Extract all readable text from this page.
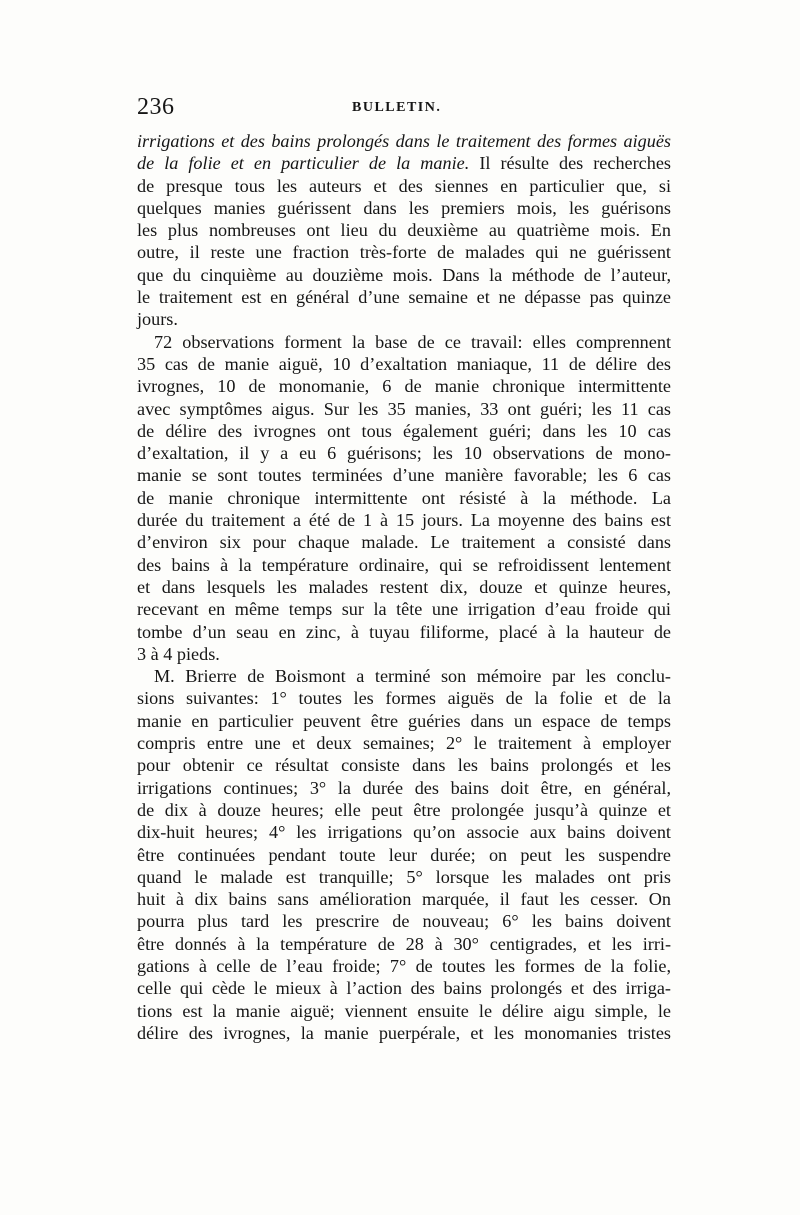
236	BULLETIN.
irrigations et des bains prolongés dans le traitement des formes aiguës
de la folie et en particulier de la manie. Il résulte des recherches
de presque tous les auteurs et des siennes en particulier que, si
quelques manies guérissent dans les premiers mois, les guérisons
les plus nombreuses ont lieu du deuxième au quatrième mois. En
outre, il reste une fraction très-forte de malades qui ne guérissent
que du cinquième au douzième mois. Dans la méthode de l’auteur,
le traitement est en général d’une semaine et ne dépasse pas quinze
jours.
72 observations forment la base de ce travail: elles comprennent
35 cas de manie aiguë, 10 d’exaltation maniaque, 11 de délire des
ivrognes, 10 de monomanie, 6 de manie chronique intermittente
avec symptômes aigus. Sur les 35 manies, 33 ont guéri; les 11 cas
de délire des ivrognes ont tous également guéri; dans les 10 cas
d’exaltation, il y a eu 6 guérisons; les 10 observations de mono-
manie se sont toutes terminées d’une manière favorable; les 6 cas
de manie chronique intermittente ont résisté à la méthode. La
durée du traitement a été de 1 à 15 jours. La moyenne des bains est
d’environ six pour chaque malade. Le traitement a consisté dans
des bains à la température ordinaire, qui se refroidissent lentement
et dans lesquels les malades restent dix, douze et quinze heures,
recevant en même temps sur la tête une irrigation d’eau froide qui
tombe d’un seau en zinc, à tuyau filiforme, placé à la hauteur de
3 à 4 pieds.
M. Brierre de Boismont a terminé son mémoire par les conclu-
sions suivantes: 1° toutes les formes aiguës de la folie et de la
manie en particulier peuvent être guéries dans un espace de temps
compris entre une et deux semaines; 2° le traitement à employer
pour obtenir ce résultat consiste dans les bains prolongés et les
irrigations continues; 3° la durée des bains doit être, en général,
de dix à douze heures; elle peut être prolongée jusqu’à quinze et
dix-huit heures; 4° les irrigations qu’on associe aux bains doivent
être continuées pendant toute leur durée; on peut les suspendre
quand le malade est tranquille; 5° lorsque les malades ont pris
huit à dix bains sans amélioration marquée, il faut les cesser. On
pourra plus tard les prescrire de nouveau; 6° les bains doivent
être donnés à la température de 28 à 30° centigrades, et les irri-
gations à celle de l’eau froide; 7° de toutes les formes de la folie,
celle qui cède le mieux à l’action des bains prolongés et des irriga-
tions est la manie aiguë; viennent ensuite le délire aigu simple, le
délire des ivrognes, la manie puerpérale, et les monomanies tristes
